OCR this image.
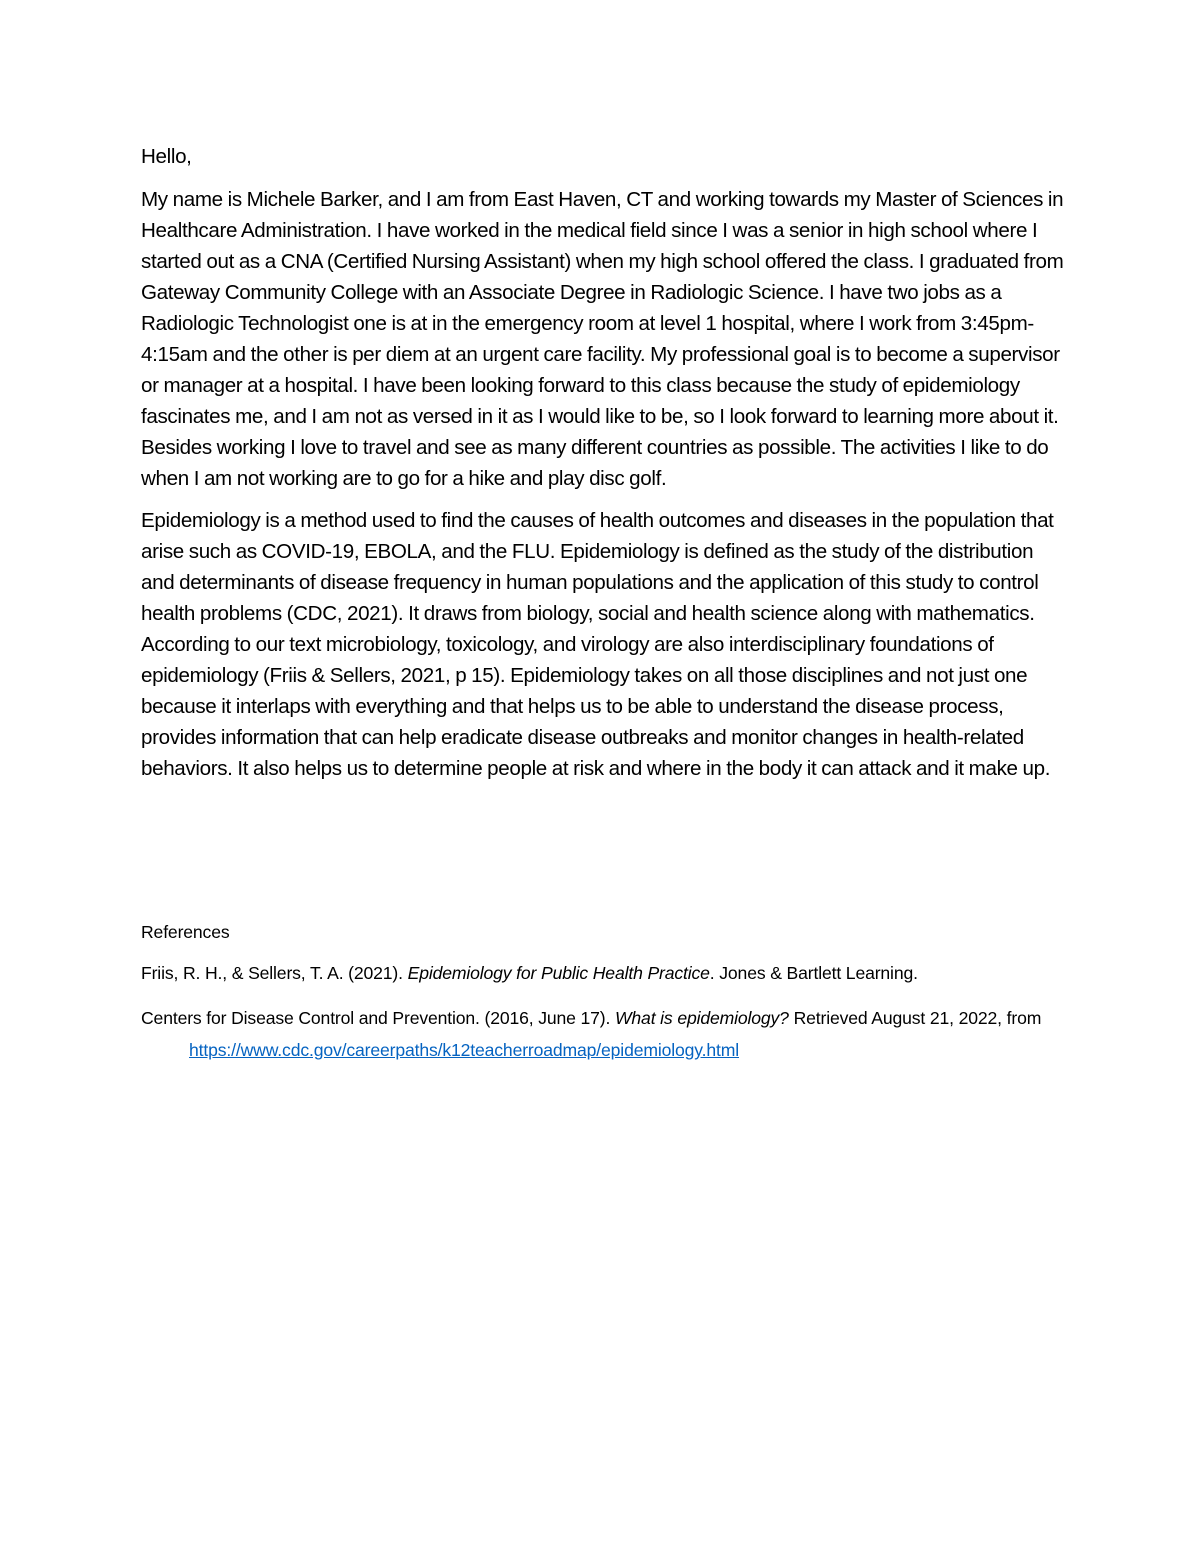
Hello,

My name is Michele Barker, and I am from East Haven, CT and working towards my Master of Sciences in Healthcare Administration. I have worked in the medical field since I was a senior in high school where I started out as a CNA (Certified Nursing Assistant) when my high school offered the class. I graduated from Gateway Community College with an Associate Degree in Radiologic Science. I have two jobs as a Radiologic Technologist one is at in the emergency room at level 1 hospital, where I work from 3:45pm- 4:15am and the other is per diem at an urgent care facility. My professional goal is to become a supervisor or manager at a hospital. I have been looking forward to this class because the study of epidemiology fascinates me, and I am not as versed in it as I would like to be, so I look forward to learning more about it. Besides working I love to travel and see as many different countries as possible. The activities I like to do when I am not working are to go for a hike and play disc golf.

Epidemiology is a method used to find the causes of health outcomes and diseases in the population that arise such as COVID-19, EBOLA, and the FLU. Epidemiology is defined as the study of the distribution and determinants of disease frequency in human populations and the application of this study to control health problems (CDC, 2021). It draws from biology, social and health science along with mathematics. According to our text microbiology, toxicology, and virology are also interdisciplinary foundations of epidemiology (Friis & Sellers, 2021, p 15). Epidemiology takes on all those disciplines and not just one because it interlaps with everything and that helps us to be able to understand the disease process, provides information that can help eradicate disease outbreaks and monitor changes in health-related behaviors. It also helps us to determine people at risk and where in the body it can attack and it make up.

References
Friis, R. H., & Sellers, T. A. (2021). Epidemiology for Public Health Practice. Jones & Bartlett Learning.
Centers for Disease Control and Prevention. (2016, June 17). What is epidemiology? Retrieved August 21, 2022, from https://www.cdc.gov/careerpaths/k12teacherroadmap/epidemiology.html
